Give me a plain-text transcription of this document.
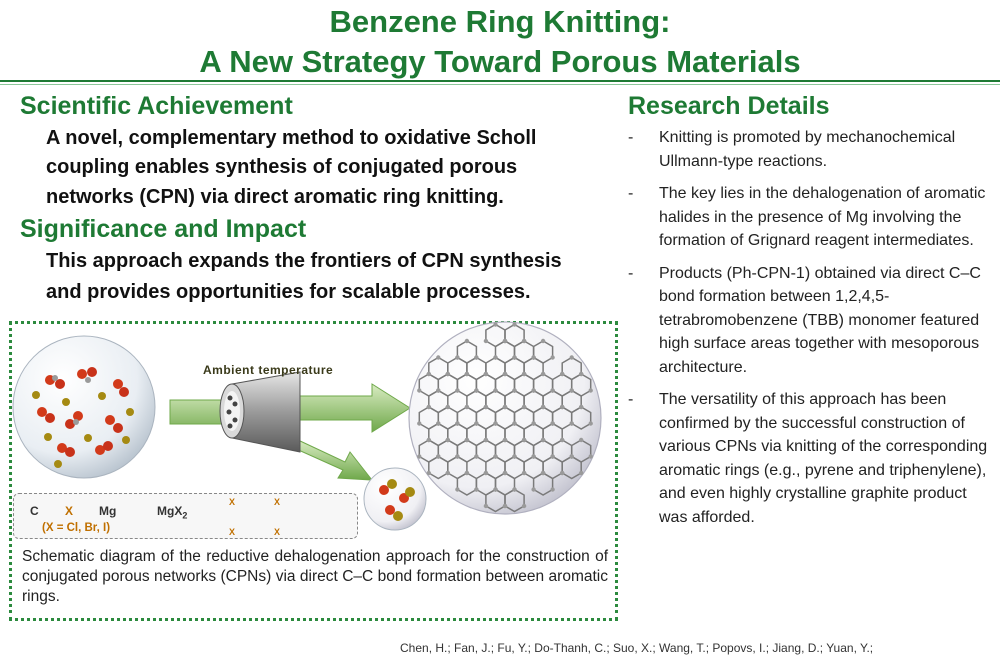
Benzene Ring Knitting:
A New Strategy Toward Porous Materials
Scientific Achievement
A novel, complementary method to oxidative Scholl
coupling enables synthesis of conjugated porous
networks (CPN) via direct aromatic ring knitting.
Significance and Impact
This approach expands the frontiers of CPN synthesis
and provides opportunities for scalable processes.
Research Details
- Knitting is promoted by mechanochemical Ullmann-type reactions.
- The key lies in the dehalogenation of aromatic halides in the presence of Mg involving the formation of Grignard reagent intermediates.
- Products (Ph-CPN-1) obtained via direct C–C bond formation between 1,2,4,5-tetrabromobenzene (TBB) monomer featured high surface areas together with mesoporous architecture.
- The versatility of this approach has been confirmed by the successful construction of various CPNs via knitting of the corresponding aromatic rings (e.g., pyrene and triphenylene), and even highly crystalline graphite product was afforded.
Ambient temperature
C X Mg	MgX$_2$
(X = Cl, Br, I)
X	X
X	X
Schematic diagram of the reductive dehalogenation approach for the construction of conjugated porous networks (CPNs) via direct C–C bond formation between aromatic rings.
Chen, H.; Fan, J.; Fu, Y.; Do-Thanh, C.; Suo, X.; Wang, T.; Popovs, I.; Jiang, D.; Yuan, Y.;
